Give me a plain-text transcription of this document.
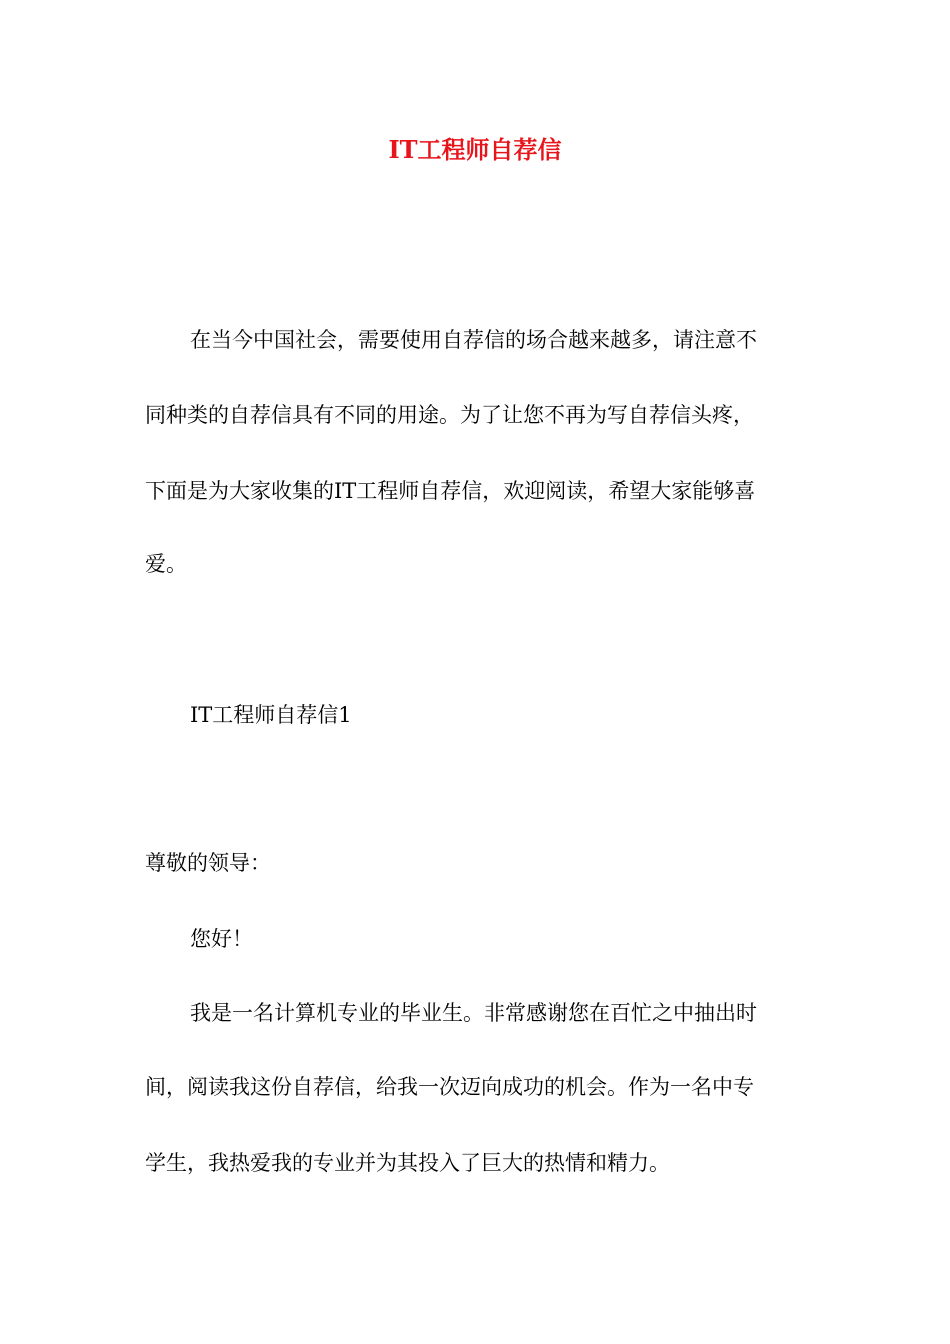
IT工程师自荐信
在当今中国社会，需要使用自荐信的场合越来越多，请注意不
同种类的自荐信具有不同的用途。为了让您不再为写自荐信头疼，
下面是为大家收集的IT工程师自荐信，欢迎阅读，希望大家能够喜
爱。
IT工程师自荐信1
尊敬的领导：
您好！
我是一名计算机专业的毕业生。非常感谢您在百忙之中抽出时
间，阅读我这份自荐信，给我一次迈向成功的机会。作为一名中专
学生，我热爱我的专业并为其投入了巨大的热情和精力。
